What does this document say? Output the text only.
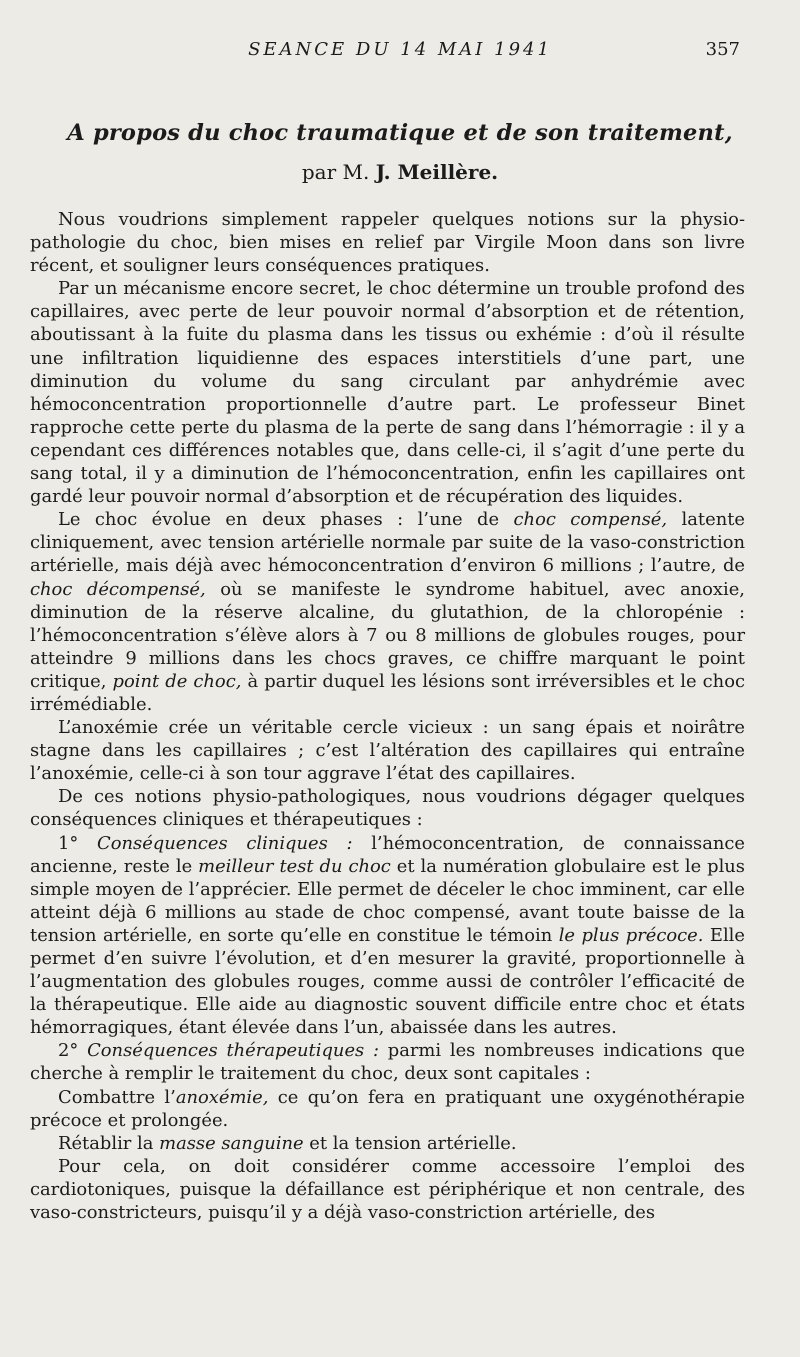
SEANCE DU 14 MAI 1941	357
A propos du choc traumatique et de son traitement,
par M. J. Meillère.

Nous voudrions simplement rappeler quelques notions sur la physio-pathologie du choc, bien mises en relief par Virgile Moon dans son livre récent, et souligner leurs conséquences pratiques.

Par un mécanisme encore secret, le choc détermine un trouble profond des capillaires, avec perte de leur pouvoir normal d’absorption et de rétention, aboutissant à la fuite du plasma dans les tissus ou exhémie : d’où il résulte une infiltration liquidienne des espaces interstitiels d’une part, une diminution du volume du sang circulant par anhydrémie avec hémoconcentration proportionnelle d’autre part. Le professeur Binet rapproche cette perte du plasma de la perte de sang dans l’hémorragie : il y a cependant ces différences notables que, dans celle-ci, il s’agit d’une perte du sang total, il y a diminution de l’hémoconcentration, enfin les capillaires ont gardé leur pouvoir normal d’absorption et de récupération des liquides.

Le choc évolue en deux phases : l’une de choc compensé, latente cliniquement, avec tension artérielle normale par suite de la vaso-constriction artérielle, mais déjà avec hémoconcentration d’environ 6 millions ; l’autre, de choc décompensé, où se manifeste le syndrome habituel, avec anoxie, diminution de la réserve alcaline, du glutathion, de la chloropénie : l’hémoconcentration s’élève alors à 7 ou 8 millions de globules rouges, pour atteindre 9 millions dans les chocs graves, ce chiffre marquant le point critique, point de choc, à partir duquel les lésions sont irréversibles et le choc irrémédiable.

L’anoxémie crée un véritable cercle vicieux : un sang épais et noirâtre stagne dans les capillaires ; c’est l’altération des capillaires qui entraîne l’anoxémie, celle-ci à son tour aggrave l’état des capillaires.

De ces notions physio-pathologiques, nous voudrions dégager quelques conséquences cliniques et thérapeutiques :

1° Conséquences cliniques : l’hémoconcentration, de connaissance ancienne, reste le meilleur test du choc et la numération globulaire est le plus simple moyen de l’apprécier. Elle permet de déceler le choc imminent, car elle atteint déjà 6 millions au stade de choc compensé, avant toute baisse de la tension artérielle, en sorte qu’elle en constitue le témoin le plus précoce. Elle permet d’en suivre l’évolution, et d’en mesurer la gravité, proportionnelle à l’augmentation des globules rouges, comme aussi de contrôler l’efficacité de la thérapeutique. Elle aide au diagnostic souvent difficile entre choc et états hémorragiques, étant élevée dans l’un, abaissée dans les autres.

2° Conséquences thérapeutiques : parmi les nombreuses indications que cherche à remplir le traitement du choc, deux sont capitales :

Combattre l’anoxémie, ce qu’on fera en pratiquant une oxygénothérapie précoce et prolongée.

Rétablir la masse sanguine et la tension artérielle.

Pour cela, on doit considérer comme accessoire l’emploi des cardiotoniques, puisque la défaillance est périphérique et non centrale, des vaso-constricteurs, puisqu’il y a déjà vaso-constriction artérielle, des
